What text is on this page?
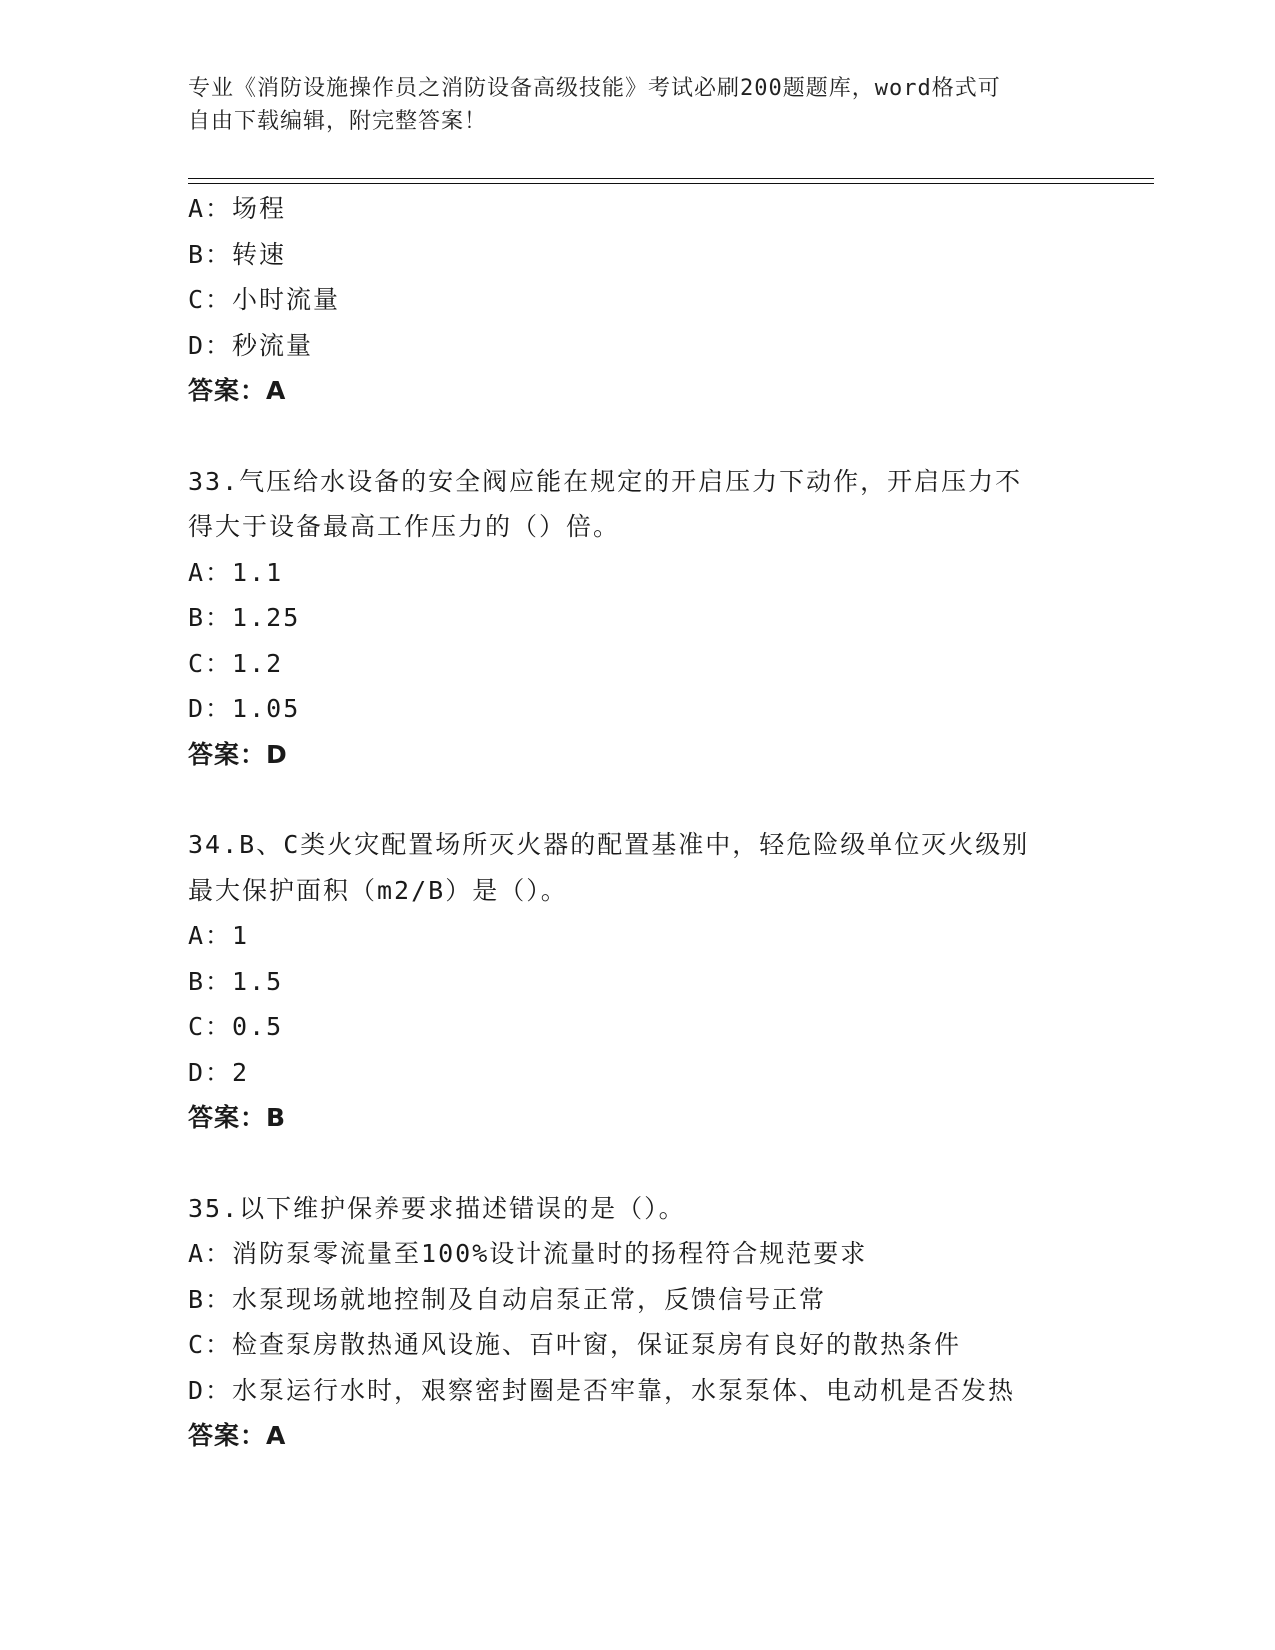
专业《消防设施操作员之消防设备高级技能》考试必刷200题题库，word格式可
自由下载编辑，附完整答案！
A：场程
B：转速
C：小时流量
D：秒流量
答案：A
33.气压给水设备的安全阀应能在规定的开启压力下动作，开启压力不
得大于设备最高工作压力的（）倍。
A：1.1
B：1.25
C：1.2
D：1.05
答案：D
34.B、C类火灾配置场所灭火器的配置基准中，轻危险级单位灭火级别
最大保护面积（m2/B）是（）。
A：1
B：1.5
C：0.5
D：2
答案：B
35.以下维护保养要求描述错误的是（）。
A：消防泵零流量至100%设计流量时的扬程符合规范要求
B：水泵现场就地控制及自动启泵正常，反馈信号正常
C：检查泵房散热通风设施、百叶窗，保证泵房有良好的散热条件
D：水泵运行水时，艰察密封圈是否牢靠，水泵泵体、电动机是否发热
答案：A
